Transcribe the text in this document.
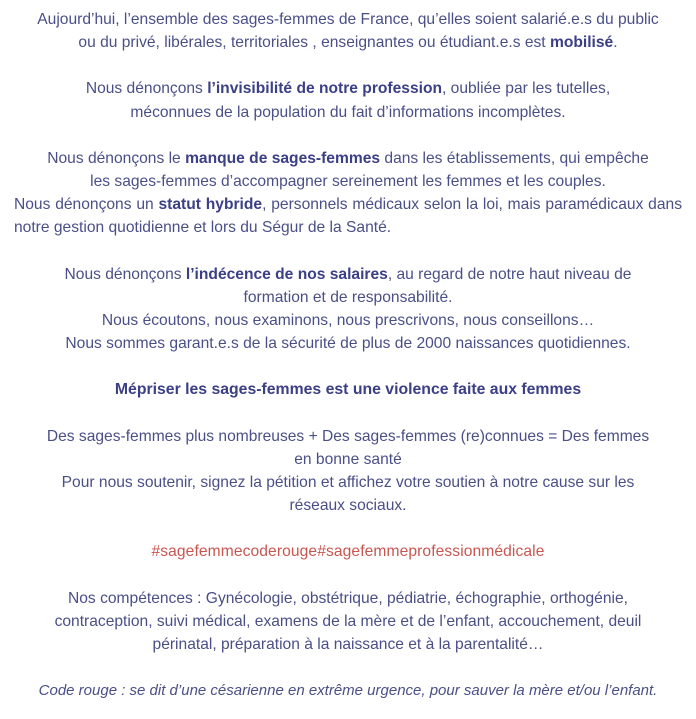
Aujourd’hui, l’ensemble des sages-femmes de France, qu’elles soient salarié.e.s du public

ou du privé, libérales, territoriales , enseignantes ou étudiant.e.s est mobilisé.

Nous dénonçons l’invisibilité de notre profession, oubliée par les tutelles,

méconnues de la population du fait d’informations incomplètes.

Nous dénonçons le manque de sages-femmes dans les établissements, qui empêche

les sages-femmes d’accompagner sereinement les femmes et les couples.

Nous dénonçons un statut hybride, personnels médicaux selon la loi, mais paramédicaux dans notre gestion quotidienne et lors du Ségur de la Santé.

Nous dénonçons l’indécence de nos salaires, au regard de notre haut niveau de

formation et de responsabilité.

Nous écoutons, nous examinons, nous prescrivons, nous conseillons…

Nous sommes garant.e.s de la sécurité de plus de 2000 naissances quotidiennes.

Mépriser les sages-femmes est une violence faite aux femmes

Des sages-femmes plus nombreuses + Des sages-femmes (re)connues = Des femmes

en bonne santé

Pour nous soutenir, signez la pétition et affichez votre soutien à notre cause sur les

réseaux sociaux.

#sagefemmecoderouge#sagefemmeprofessionmédicale

Nos compétences : Gynécologie, obstétrique, pédiatrie, échographie, orthogénie,

contraception, suivi médical, examens de la mère et de l’enfant, accouchement, deuil

périnatal, préparation à la naissance et à la parentalité…

Code rouge : se dit d’une césarienne en extrême urgence, pour sauver la mère et/ou l’enfant.
